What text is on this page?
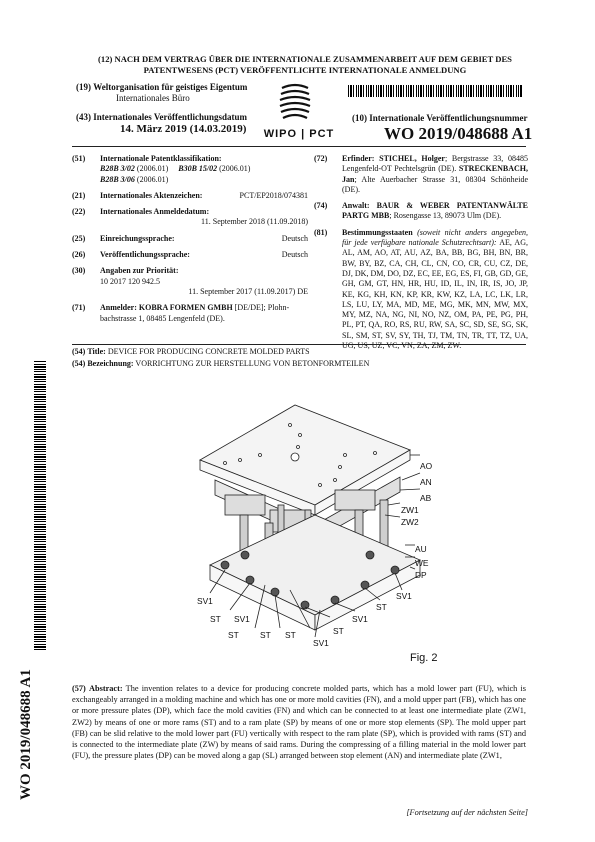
(12) NACH DEM VERTRAG ÜBER DIE INTERNATIONALE ZUSAMMENARBEIT AUF DEM GEBIET DES
PATENTWESENS (PCT) VERÖFFENTLICHTE INTERNATIONALE ANMELDUNG
(19) Weltorganisation für geistiges Eigentum
Internationales Büro
(43) Internationales Veröffentlichungsdatum
14. März 2019 (14.03.2019)	WIPO | PCT
(10) Internationale Veröffentlichungsnummer
WO 2019/048688 A1
(51)	Internationale Patentklassifikation:
B28B 3/02 (2006.01) B30B 15/02 (2006.01)
B28B 3/06 (2006.01)
(21)	Internationales Aktenzeichen:	PCT/EP2018/074381
(22)	Internationales Anmeldedatum:
11. September 2018 (11.09.2018)
(25)	Einreichungssprache:	Deutsch
(26)	Veröffentlichungssprache:	Deutsch
(30)	Angaben zur Priorität:
10 2017 120 942.5
11. September 2017 (11.09.2017) DE
(71)	Anmelder: KOBRA FORMEN GMBH [DE/DE]; Plohn-bachstrasse 1, 08485 Lengenfeld (DE).
(72)	Erfinder: STICHEL, Holger; Bergstrasse 33, 08485 Lengenfeld-OT Pechtelsgrün (DE). STRECKENBACH, Jan; Alte Auerbacher Strasse 31, 08304 Schönheide (DE).
(74)	Anwalt: BAUR & WEBER PATENTANWÄLTE PARTG MBB; Rosengasse 13, 89073 Ulm (DE).
(81)	Bestimmungsstaaten (soweit nicht anders angegeben, für jede verfügbare nationale Schutzrechtsart): AE, AG, AL, AM, AO, AT, AU, AZ, BA, BB, BG, BH, BN, BR, BW, BY, BZ, CA, CH, CL, CN, CO, CR, CU, CZ, DE, DJ, DK, DM, DO, DZ, EC, EE, EG, ES, FI, GB, GD, GE, GH, GM, GT, HN, HR, HU, ID, IL, IN, IR, IS, JO, JP, KE, KG, KH, KN, KP, KR, KW, KZ, LA, LC, LK, LR, LS, LU, LY, MA, MD, ME, MG, MK, MN, MW, MX, MY, MZ, NA, NG, NI, NO, NZ, OM, PA, PE, PG, PH, PL, PT, QA, RO, RS, RU, RW, SA, SC, SD, SE, SG, SK, SL, SM, ST, SV, SY, TH, TJ, TM, TN, TR, TT, TZ, UA, UG, US, UZ, VC, VN, ZA, ZM, ZW.
WO 2019/048688 A1
(54) Title: DEVICE FOR PRODUCING CONCRETE MOLDED PARTS
(54) Bezeichnung: VORRICHTUNG ZUR HERSTELLUNG VON BETONFORMTEILEN
AO
AN
AB
ZW1
ZW2
AU
WE
DP
SV1
ST SV1
ST	ST ST
SV1
ST
SV1
ST
SV1
Fig. 2
(57) Abstract: The invention relates to a device for producing concrete molded parts, which has a mold lower part (FU), which is exchangeably arranged in a molding machine and which has one or more mold cavities (FN), and a mold upper part (FB), which has one or more pressure plates (DP), which face the mold cavities (FN) and which can be connected to at least one intermediate plate (ZW1, ZW2) by means of one or more rams (ST) and to a ram plate (SP) by means of one or more stop elements (SP). The mold upper part (FB) can be slid relative to the mold lower part (FU) vertically with respect to the ram plate (SP), which is provided with rams (ST) and is connected to the intermediate plate (ZW) by means of said rams. During the compressing of a filling material in the mold lower part (FU), the pressure plates (DP) can be moved along a gap (SL) arranged between stop element (AN) and intermediate plate (ZW1,
[Fortsetzung auf der nächsten Seite]
